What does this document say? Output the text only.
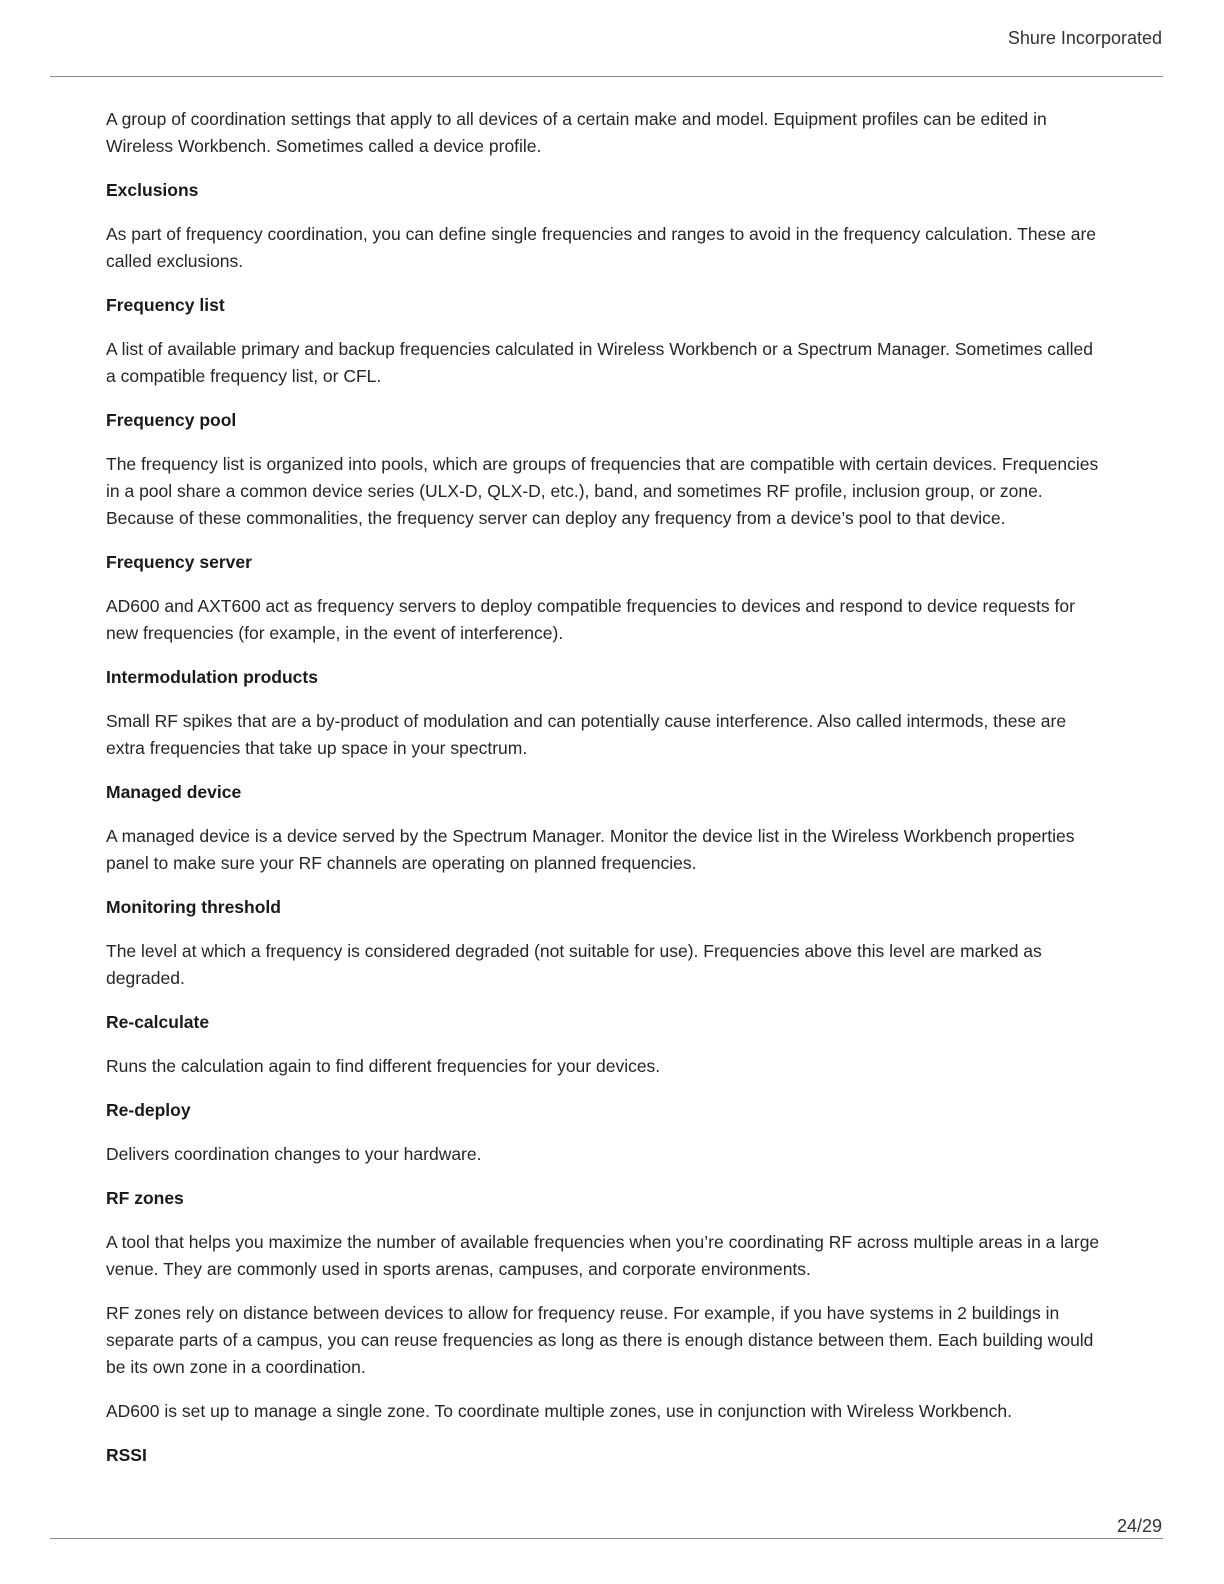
Shure Incorporated

A group of coordination settings that apply to all devices of a certain make and model. Equipment profiles can be edited in Wireless Workbench. Sometimes called a device profile.

Exclusions

As part of frequency coordination, you can define single frequencies and ranges to avoid in the frequency calculation. These are called exclusions.

Frequency list

A list of available primary and backup frequencies calculated in Wireless Workbench or a Spectrum Manager. Sometimes called a compatible frequency list, or CFL.

Frequency pool

The frequency list is organized into pools, which are groups of frequencies that are compatible with certain devices. Frequencies in a pool share a common device series (ULX-D, QLX-D, etc.), band, and sometimes RF profile, inclusion group, or zone. Because of these commonalities, the frequency server can deploy any frequency from a device’s pool to that device.

Frequency server

AD600 and AXT600 act as frequency servers to deploy compatible frequencies to devices and respond to device requests for new frequencies (for example, in the event of interference).

Intermodulation products

Small RF spikes that are a by-product of modulation and can potentially cause interference. Also called intermods, these are extra frequencies that take up space in your spectrum.

Managed device

A managed device is a device served by the Spectrum Manager. Monitor the device list in the Wireless Workbench properties panel to make sure your RF channels are operating on planned frequencies.

Monitoring threshold

The level at which a frequency is considered degraded (not suitable for use). Frequencies above this level are marked as degraded.

Re-calculate

Runs the calculation again to find different frequencies for your devices.

Re-deploy

Delivers coordination changes to your hardware.

RF zones

A tool that helps you maximize the number of available frequencies when you’re coordinating RF across multiple areas in a large venue. They are commonly used in sports arenas, campuses, and corporate environments.

RF zones rely on distance between devices to allow for frequency reuse. For example, if you have systems in 2 buildings in separate parts of a campus, you can reuse frequencies as long as there is enough distance between them. Each building would be its own zone in a coordination.

AD600 is set up to manage a single zone. To coordinate multiple zones, use in conjunction with Wireless Workbench.

RSSI

24/29
